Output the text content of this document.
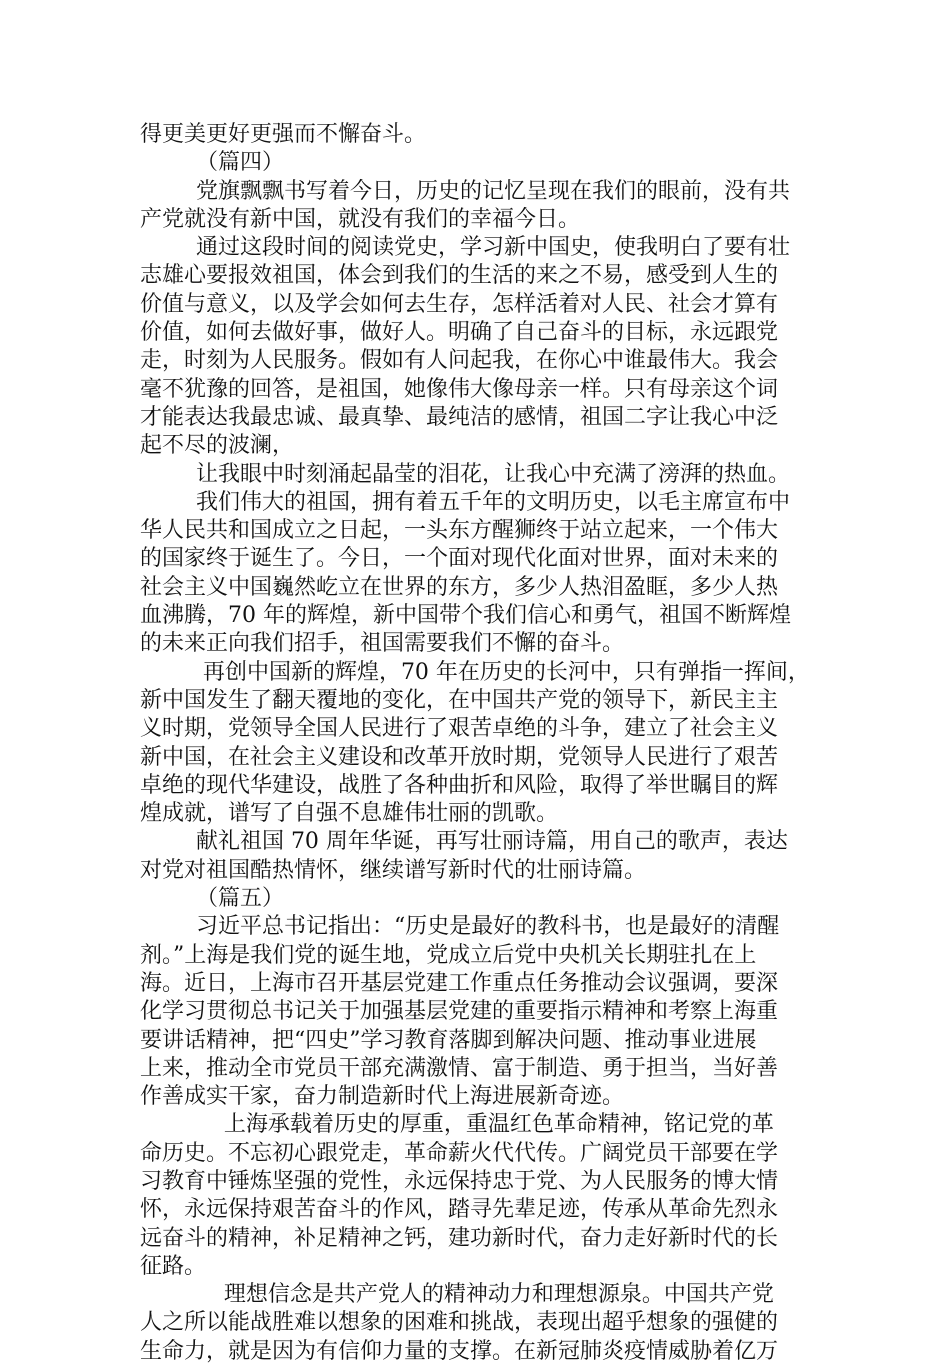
得更美更好更强而不懈奋斗。

（篇四）

党旗飘飘书写着今日，历史的记忆呈现在我们的眼前，没有共

产党就没有新中国，就没有我们的幸福今日。

通过这段时间的阅读党史，学习新中国史，使我明白了要有壮

志雄心要报效祖国，体会到我们的生活的来之不易，感受到人生的

价值与意义，以及学会如何去生存，怎样活着对人民、社会才算有

价值，如何去做好事，做好人。明确了自己奋斗的目标，永远跟党

走，时刻为人民服务。假如有人问起我，在你心中谁最伟大。我会

毫不犹豫的回答，是祖国，她像伟大像母亲一样。只有母亲这个词

才能表达我最忠诚、最真挚、最纯洁的感情，祖国二字让我心中泛

起不尽的波澜，

让我眼中时刻涌起晶莹的泪花，让我心中充满了滂湃的热血。

我们伟大的祖国，拥有着五千年的文明历史，以毛主席宣布中

华人民共和国成立之日起，一头东方醒狮终于站立起来，一个伟大

的国家终于诞生了。今日，一个面对现代化面对世界，面对未来的

社会主义中国巍然屹立在世界的东方，多少人热泪盈眶，多少人热

血沸腾，70 年的辉煌，新中国带个我们信心和勇气，祖国不断辉煌

的未来正向我们招手，祖国需要我们不懈的奋斗。

再创中国新的辉煌，70 年在历史的长河中，只有弹指一挥间，

新中国发生了翻天覆地的变化，在中国共产党的领导下，新民主主

义时期，党领导全国人民进行了艰苦卓绝的斗争，建立了社会主义

新中国，在社会主义建设和改革开放时期，党领导人民进行了艰苦

卓绝的现代华建设，战胜了各种曲折和风险，取得了举世瞩目的辉

煌成就，谱写了自强不息雄伟壮丽的凯歌。

献礼祖国 70 周年华诞，再写壮丽诗篇，用自己的歌声，表达

对党对祖国酷热情怀，继续谱写新时代的壮丽诗篇。

（篇五）

习近平总书记指出：“历史是最好的教科书，也是最好的清醒

剂。”上海是我们党的诞生地，党成立后党中央机关长期驻扎在上

海。近日，上海市召开基层党建工作重点任务推动会议强调，要深

化学习贯彻总书记关于加强基层党建的重要指示精神和考察上海重

要讲话精神，把“四史”学习教育落脚到解决问题、推动事业进展

上来，推动全市党员干部充满激情、富于制造、勇于担当，当好善

作善成实干家，奋力制造新时代上海进展新奇迹。

上海承载着历史的厚重，重温红色革命精神，铭记党的革

命历史。不忘初心跟党走，革命薪火代代传。广阔党员干部要在学

习教育中锤炼坚强的党性，永远保持忠于党、为人民服务的博大情

怀，永远保持艰苦奋斗的作风，踏寻先辈足迹，传承从革命先烈永

远奋斗的精神，补足精神之钙，建功新时代，奋力走好新时代的长

征路。

理想信念是共产党人的精神动力和理想源泉。中国共产党

人之所以能战胜难以想象的困难和挑战，表现出超乎想象的强健的

生命力，就是因为有信仰力量的支撑。在新冠肺炎疫情威胁着亿万
